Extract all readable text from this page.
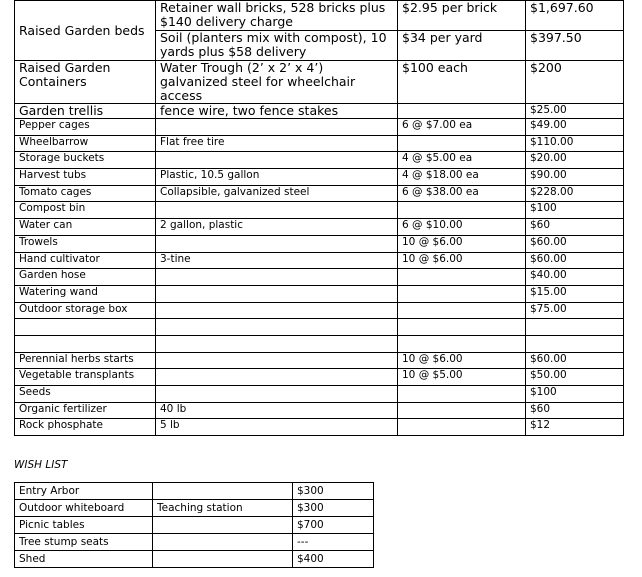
Raised Garden beds	Retainer wall bricks, 528 bricks plus $140 delivery charge	$2.95 per brick	$1,697.60
	Soil (planters mix with compost), 10 yards plus $58 delivery	$34 per yard	$397.50
Raised Garden Containers	Water Trough (2’ x 2’ x 4’) galvanized steel for wheelchair access	$100 each	$200
Garden trellis	fence wire, two fence stakes		$25.00
Pepper cages		6 @ $7.00 ea	$49.00
Wheelbarrow	Flat free tire		$110.00
Storage buckets		4 @ $5.00 ea	$20.00
Harvest tubs	Plastic, 10.5 gallon	4 @ $18.00 ea	$90.00
Tomato cages	Collapsible, galvanized steel	6 @ $38.00 ea	$228.00
Compost bin			$100
Water can	2 gallon, plastic	6 @ $10.00	$60
Trowels		10 @ $6.00	$60.00
Hand cultivator	3-tine	10 @ $6.00	$60.00
Garden hose			$40.00
Watering wand			$15.00
Outdoor storage box			$75.00

Perennial herbs starts		10 @ $6.00	$60.00
Vegetable transplants		10 @ $5.00	$50.00
Seeds			$100
Organic fertilizer	40 lb		$60
Rock phosphate	5 lb		$12
WISH LIST
Entry Arbor		$300
Outdoor whiteboard	Teaching station	$300
Picnic tables		$700
Tree stump seats		---
Shed		$400
